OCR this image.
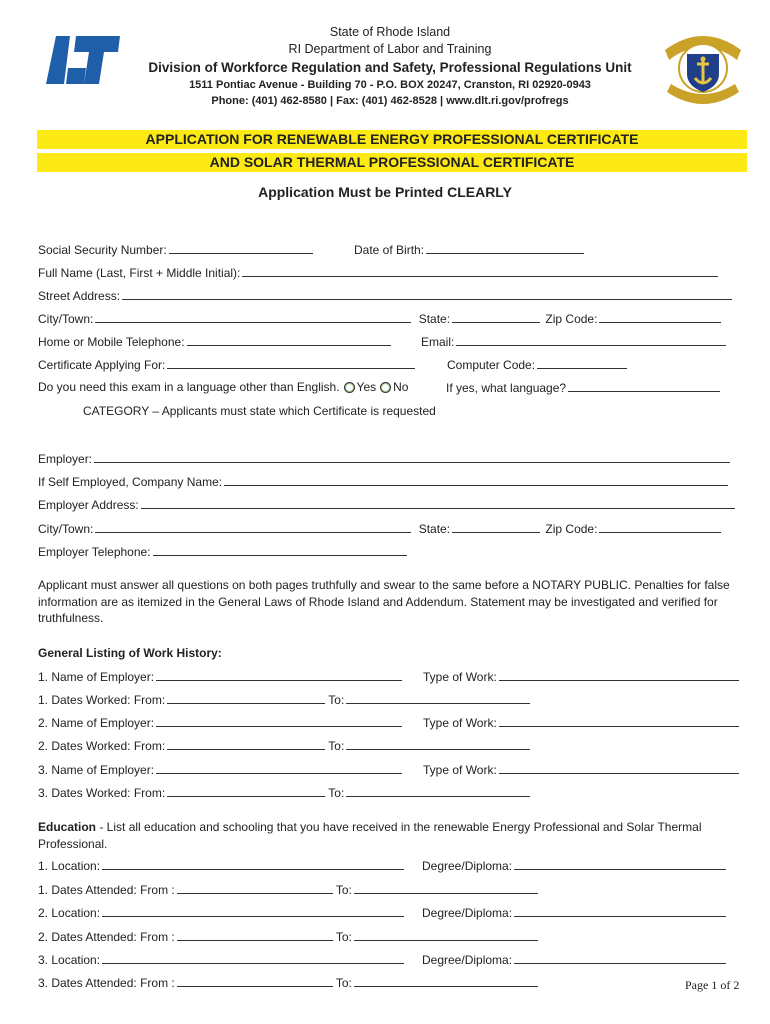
State of Rhode Island
RI Department of Labor and Training
Division of Workforce Regulation and Safety, Professional Regulations Unit
1511 Pontiac Avenue - Building 70 - P.O. BOX 20247, Cranston, RI 02920-0943
Phone: (401) 462-8580 | Fax: (401) 462-8528 | www.dlt.ri.gov/profregs
APPLICATION FOR RENEWABLE ENERGY PROFESSIONAL CERTIFICATE
AND SOLAR THERMAL PROFESSIONAL CERTIFICATE
Application Must be Printed CLEARLY
Social Security Number:	Date of Birth:
Full Name (Last, First + Middle Initial):
Street Address:
City/Town:	State:	Zip Code:
Home or Mobile Telephone:	Email:
Certificate Applying For:	Computer Code:
Do you need this exam in a language other than English. Yes No	If yes, what language?
CATEGORY – Applicants must state which Certificate is requested
Employer:
If Self Employed, Company Name:
Employer Address:
City/Town:	State:	Zip Code:
Employer Telephone:
Applicant must answer all questions on both pages truthfully and swear to the same before a NOTARY PUBLIC. Penalties for false information are as itemized in the General Laws of Rhode Island and Addendum. Statement may be investigated and verified for truthfulness.
General Listing of Work History:
1. Name of Employer:	Type of Work:
1. Dates Worked: From:	To:
2. Name of Employer:	Type of Work:
2. Dates Worked: From:	To:
3. Name of Employer:	Type of Work:
3. Dates Worked: From:	To:
Education - List all education and schooling that you have received in the renewable Energy Professional and Solar Thermal Professional.
1. Location:	Degree/Diploma:
1. Dates Attended: From :	To:
2. Location:	Degree/Diploma:
2. Dates Attended: From :	To:
3. Location:	Degree/Diploma:
3. Dates Attended: From :	To:	Page 1 of 2
